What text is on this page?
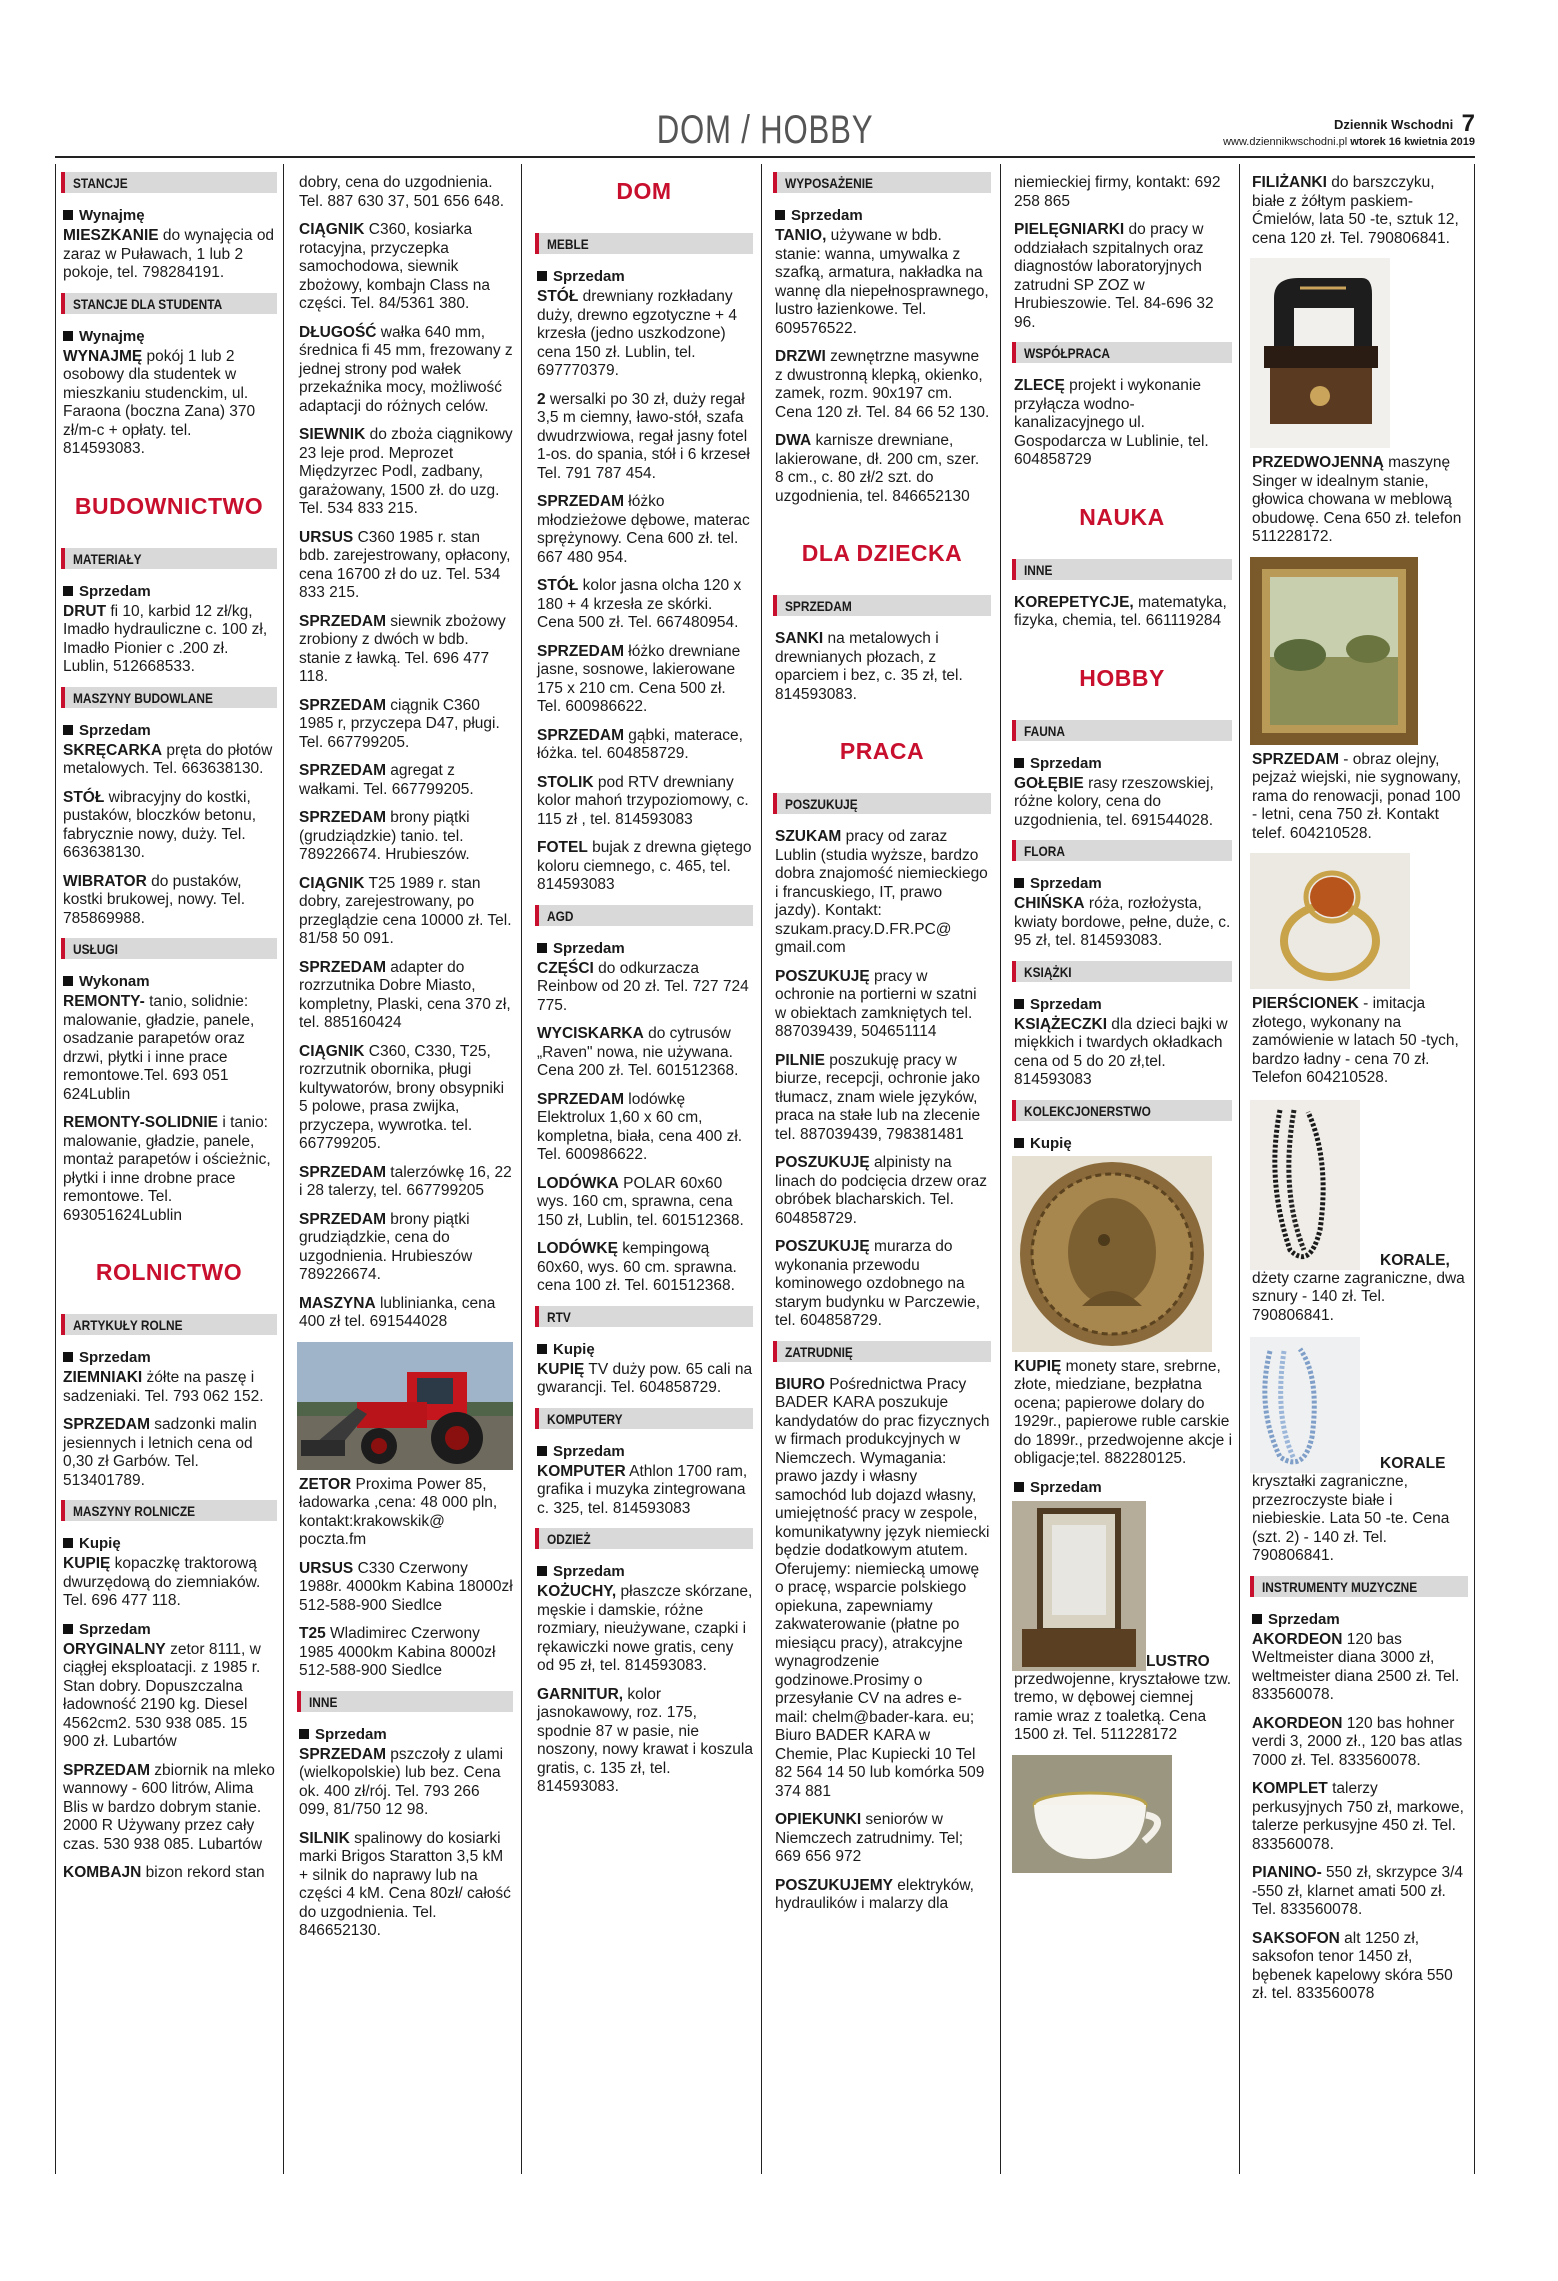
DOM / HOBBY	Dziennik Wschodni 7
www.dziennikwschodni.pl wtorek 16 kwietnia 2019
STANCJE
Wynajmę
MIESZKANIE do wynajęcia od zaraz w Puławach, 1 lub 2 pokoje, tel. 798284191.
STANCJE DLA STUDENTA
Wynajmę
WYNAJMĘ pokój 1 lub 2 osobowy dla studentek w mieszkaniu studenckim, ul. Faraona (boczna Zana) 370 zł/m-c + opłaty. tel. 814593083.
BUDOWNICTWO
MATERIAŁY
Sprzedam
DRUT fi 10, karbid 12 zł/kg, Imadło hydrauliczne c. 100 zł, Imadło Pionier c .200 zł. Lublin, 512668533.
MASZYNY BUDOWLANE
Sprzedam
SKRĘCARKA pręta do płotów metalowych. Tel. 663638130.
STÓŁ wibracyjny do kostki, pustaków, bloczków betonu, fabrycznie nowy, duży. Tel. 663638130.
WIBRATOR do pustaków, kostki brukowej, nowy. Tel. 785869988.
USŁUGI
Wykonam
REMONTY- tanio, solidnie: malowanie, gładzie, panele, osadzanie parapetów oraz drzwi, płytki i inne prace remontowe.Tel. 693 051 624Lublin
REMONTY-SOLIDNIE i tanio: malowanie, gładzie, panele, montaż parapetów i ościeżnic, płytki i inne drobne prace remontowe. Tel. 693051624Lublin
ROLNICTWO
ARTYKUŁY ROLNE
Sprzedam
ZIEMNIAKI żółte na paszę i sadzeniaki. Tel. 793 062 152.
SPRZEDAM sadzonki malin jesiennych i letnich cena od 0,30 zł Garbów. Tel. 513401789.
MASZYNY ROLNICZE
Kupię
KUPIĘ kopaczkę traktorową dwurzędową do ziemniaków. Tel. 696 477 118.
Sprzedam
ORYGINALNY zetor 8111, w ciągłej eksploatacji. z 1985 r. Stan dobry. Dopuszczalna ładowność 2190 kg. Diesel 4562cm2. 530 938 085. 15 900 zł. Lubartów
SPRZEDAM zbiornik na mleko wannowy - 600 litrów, Alima Blis w bardzo dobrym stanie. 2000 R Używany przez cały czas. 530 938 085. Lubartów
KOMBAJN bizon rekord stan
dobry, cena do uzgodnienia. Tel. 887 630 37, 501 656 648.
CIĄGNIK C360, kosiarka rotacyjna, przyczepka samochodowa, siewnik zbożowy, kombajn Class na części. Tel. 84/5361 380.
DŁUGOŚĆ wałka 640 mm, średnica fi 45 mm, frezowany z jednej strony pod wałek przekaźnika mocy, możliwość adaptacji do różnych celów.
SIEWNIK do zboża ciągnikowy 23 leje prod. Meprozet Międzyrzec Podl, zadbany, garażowany, 1500 zł. do uzg. Tel. 534 833 215.
URSUS C360 1985 r. stan bdb. zarejestrowany, opłacony, cena 16700 zł do uz. Tel. 534 833 215.
SPRZEDAM siewnik zbożowy zrobiony z dwóch w bdb. stanie z ławką. Tel. 696 477 118.
SPRZEDAM ciągnik C360 1985 r, przyczepa D47, pługi. Tel. 667799205.
SPRZEDAM agregat z wałkami. Tel. 667799205.
SPRZEDAM brony piątki (grudziądzkie) tanio. tel. 789226674. Hrubieszów.
CIĄGNIK T25 1989 r. stan dobry, zarejestrowany, po przeglądzie cena 10000 zł. Tel. 81/58 50 091.
SPRZEDAM adapter do rozrzutnika Dobre Miasto, kompletny, Plaski, cena 370 zł, tel. 885160424
CIĄGNIK C360, C330, T25, rozrzutnik obornika, pługi kultywatorów, brony obsypniki 5 polowe, prasa zwijka, przyczepa, wywrotka. tel. 667799205.
SPRZEDAM talerzówkę 16, 22 i 28 talerzy, tel. 667799205
SPRZEDAM brony piątki grudziądzkie, cena do uzgodnienia. Hrubieszów 789226674.
MASZYNA lublinianka, cena 400 zł tel. 691544028
ZETOR Proxima Power 85, ładowarka ,cena: 48 000 pln, kontakt:krakowskik@ poczta.fm
URSUS C330 Czerwony 1988r. 4000km Kabina 18000zł 512-588-900 Siedlce
T25 Wladimirec Czerwony 1985 4000km Kabina 8000zł 512-588-900 Siedlce
INNE
Sprzedam
SPRZEDAM pszczoły z ulami (wielkopolskie) lub bez. Cena ok. 400 zł/rój. Tel. 793 266 099, 81/750 12 98.
SILNIK spalinowy do kosiarki marki Brigos Staratton 3,5 kM + silnik do naprawy lub na części 4 kM. Cena 80zł/ całość do uzgodnienia. Tel. 846652130.
DOM
MEBLE
Sprzedam
STÓŁ drewniany rozkładany duży, drewno egzotyczne + 4 krzesła (jedno uszkodzone) cena 150 zł. Lublin, tel. 697770379.
2 wersalki po 30 zł, duży regał 3,5 m ciemny, ławo-stół, szafa dwudrzwiowa, regał jasny fotel 1-os. do spania, stół i 6 krzeseł Tel. 791 787 454.
SPRZEDAM łóżko młodzieżowe dębowe, materac sprężynowy. Cena 600 zł. tel. 667 480 954.
STÓŁ kolor jasna olcha 120 x 180 + 4 krzesła ze skórki. Cena 500 zł. Tel. 667480954.
SPRZEDAM łóżko drewniane jasne, sosnowe, lakierowane 175 x 210 cm. Cena 500 zł. Tel. 600986622.
SPRZEDAM gąbki, materace, łóżka. tel. 604858729.
STOLIK pod RTV drewniany kolor mahoń trzypoziomowy, c. 115 zł , tel. 814593083
FOTEL bujak z drewna giętego koloru ciemnego, c. 465, tel. 814593083
AGD
Sprzedam
CZĘŚCI do odkurzacza Reinbow od 20 zł. Tel. 727 724 775.
WYCISKARKA do cytrusów „Raven" nowa, nie używana. Cena 200 zł. Tel. 601512368.
SPRZEDAM lodówkę Elektrolux 1,60 x 60 cm, kompletna, biała, cena 400 zł. Tel. 600986622.
LODÓWKA POLAR 60x60 wys. 160 cm, sprawna, cena 150 zł, Lublin, tel. 601512368.
LODÓWKĘ kempingową 60x60, wys. 60 cm. sprawna. cena 100 zł. Tel. 601512368.
RTV
Kupię
KUPIĘ TV duży pow. 65 cali na gwarancji. Tel. 604858729.
KOMPUTERY
Sprzedam
KOMPUTER Athlon 1700 ram, grafika i muzyka zintegrowana c. 325, tel. 814593083
ODZIEŻ
Sprzedam
KOŻUCHY, płaszcze skórzane, męskie i damskie, różne rozmiary, nieużywane, czapki i rękawiczki nowe gratis, ceny od 95 zł, tel. 814593083.
GARNITUR, kolor jasnokawowy, roz. 175, spodnie 87 w pasie, nie noszony, nowy krawat i koszula gratis, c. 135 zł, tel. 814593083.
WYPOSAŻENIE
Sprzedam
TANIO, używane w bdb. stanie: wanna, umywalka z szafką, armatura, nakładka na wannę dla niepełnosprawnego, lustro łazienkowe. Tel. 609576522.
DRZWI zewnętrzne masywne z dwustronną klepką, okienko, zamek, rozm. 90x197 cm. Cena 120 zł. Tel. 84 66 52 130.
DWA karnisze drewniane, lakierowane, dł. 200 cm, szer. 8 cm., c. 80 zł/2 szt. do uzgodnienia, tel. 846652130
DLA DZIECKA
SPRZEDAM
SANKI na metalowych i drewnianych płozach, z oparciem i bez, c. 35 zł, tel. 814593083.
PRACA
POSZUKUJĘ
SZUKAM pracy od zaraz Lublin (studia wyższe, bardzo dobra znajomość niemieckiego i francuskiego, IT, prawo jazdy). Kontakt: szukam.pracy.D.FR.PC@ gmail.com
POSZUKUJĘ pracy w ochronie na portierni w szatni w obiektach zamkniętych tel. 887039439, 504651114
PILNIE poszukuję pracy w biurze, recepcji, ochronie jako tłumacz, znam wiele języków, praca na stałe lub na zlecenie tel. 887039439, 798381481
POSZUKUJĘ alpinisty na linach do podcięcia drzew oraz obróbek blacharskich. Tel. 604858729.
POSZUKUJĘ murarza do wykonania przewodu kominowego ozdobnego na starym budynku w Parczewie, tel. 604858729.
ZATRUDNIĘ
BIURO Pośrednictwa Pracy BADER KARA poszukuje kandydatów do prac fizycznych w firmach produkcyjnych w Niemczech. Wymagania: prawo jazdy i własny samochód lub dojazd własny, umiejętność pracy w zespole, komunikatywny język niemiecki będzie dodatkowym atutem. Oferujemy: niemiecką umowę o pracę, wsparcie polskiego opiekuna, zapewniamy zakwaterowanie (płatne po miesiącu pracy), atrakcyjne wynagrodzenie godzinowe.Prosimy o przesyłanie CV na adres e-mail: chelm@bader-kara. eu; Biuro BADER KARA w Chemie, Plac Kupiecki 10 Tel 82 564 14 50 lub komórka 509 374 881
OPIEKUNKI seniorów w Niemczech zatrudnimy. Tel; 669 656 972
POSZUKUJEMY elektryków, hydraulików i malarzy dla
niemieckiej firmy, kontakt: 692 258 865
PIELĘGNIARKI do pracy w oddziałach szpitalnych oraz diagnostów laboratoryjnych zatrudni SP ZOZ w Hrubieszowie. Tel. 84-696 32 96.
WSPÓŁPRACA
ZLECĘ projekt i wykonanie przyłącza wodno-kanalizacyjnego ul. Gospodarcza w Lublinie, tel. 604858729
NAUKA
INNE
KOREPETYCJE, matematyka, fizyka, chemia, tel. 661119284
HOBBY
FAUNA
Sprzedam
GOŁĘBIE rasy rzeszowskiej, różne kolory, cena do uzgodnienia, tel. 691544028.
FLORA
Sprzedam
CHIŃSKA róża, rozłożysta, kwiaty bordowe, pełne, duże, c. 95 zł, tel. 814593083.
KSIĄŻKI
Sprzedam
KSIĄŻECZKI dla dzieci bajki w miękkich i twardych okładkach cena od 5 do 20 zł,tel. 814593083
KOLEKCJONERSTWO
Kupię
KUPIĘ monety stare, srebrne, złote, miedziane, bezpłatna ocena; papierowe dolary do 1929r., papierowe ruble carskie do 1899r., przedwojenne akcje i obligacje;tel. 882280125.
Sprzedam
LUSTRO
przedwojenne, kryształowe tzw. tremo, w dębowej ciemnej ramie wraz z toaletką. Cena 1500 zł. Tel. 511228172
FILIŻANKI do barszczyku, białe z żółtym paskiem-Ćmielów, lata 50 -te, sztuk 12, cena 120 zł. Tel. 790806841.
PRZEDWOJENNĄ maszynę Singer w idealnym stanie, głowica chowana w meblową obudowę. Cena 650 zł. telefon 511228172.
SPRZEDAM - obraz olejny, pejzaż wiejski, nie sygnowany, rama do renowacji, ponad 100 - letni, cena 750 zł. Kontakt telef. 604210528.
PIERŚCIONEK - imitacja złotego, wykonany na zamówienie w latach 50 -tych, bardzo ładny - cena 70 zł. Telefon 604210528.
KORALE,
dżety czarne zagraniczne, dwa sznury - 140 zł. Tel. 790806841.
KORALE
kryształki zagraniczne, przezroczyste białe i niebieskie. Lata 50 -te. Cena (szt. 2) - 140 zł. Tel. 790806841.
INSTRUMENTY MUZYCZNE
Sprzedam
AKORDEON 120 bas Weltmeister diana 3000 zł, weltmeister diana 2500 zł. Tel. 833560078.
AKORDEON 120 bas hohner verdi 3, 2000 zł., 120 bas atlas 7000 zł. Tel. 833560078.
KOMPLET talerzy perkusyjnych 750 zł, markowe, talerze perkusyjne 450 zł. Tel. 833560078.
PIANINO- 550 zł, skrzypce 3/4 -550 zł, klarnet amati 500 zł. Tel. 833560078.
SAKSOFON alt 1250 zł, saksofon tenor 1450 zł, bębenek kapelowy skóra 550 zł. tel. 833560078
